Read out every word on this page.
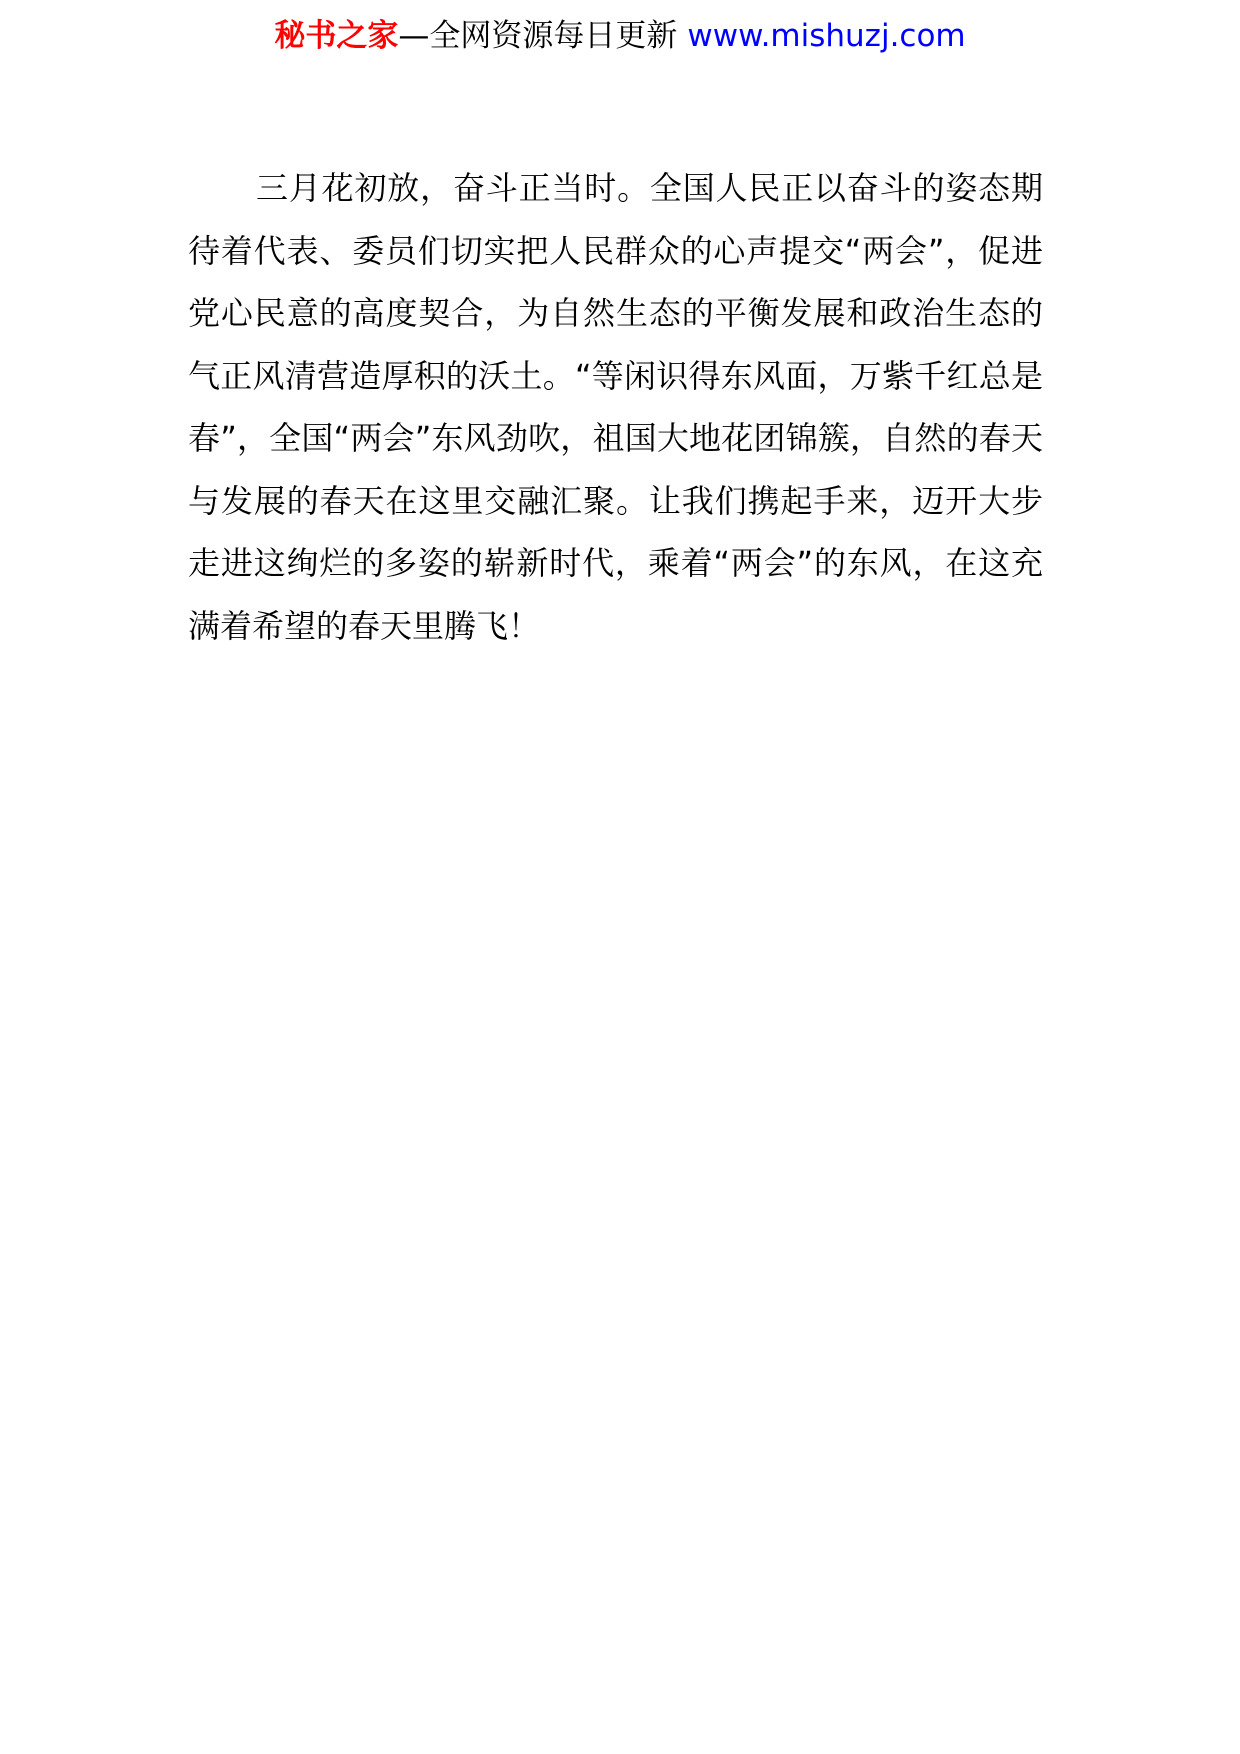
秘书之家—全网资源每日更新 www.mishuzj.com

三月花初放，奋斗正当时。全国人民正以奋斗的姿态期待着代表、委员们切实把人民群众的心声提交“两会”，促进党心民意的高度契合，为自然生态的平衡发展和政治生态的气正风清营造厚积的沃土。“等闲识得东风面，万紫千红总是春”，全国“两会”东风劲吹，祖国大地花团锦簇，自然的春天与发展的春天在这里交融汇聚。让我们携起手来，迈开大步走进这绚烂的多姿的崭新时代，乘着“两会”的东风，在这充满着希望的春天里腾飞！
